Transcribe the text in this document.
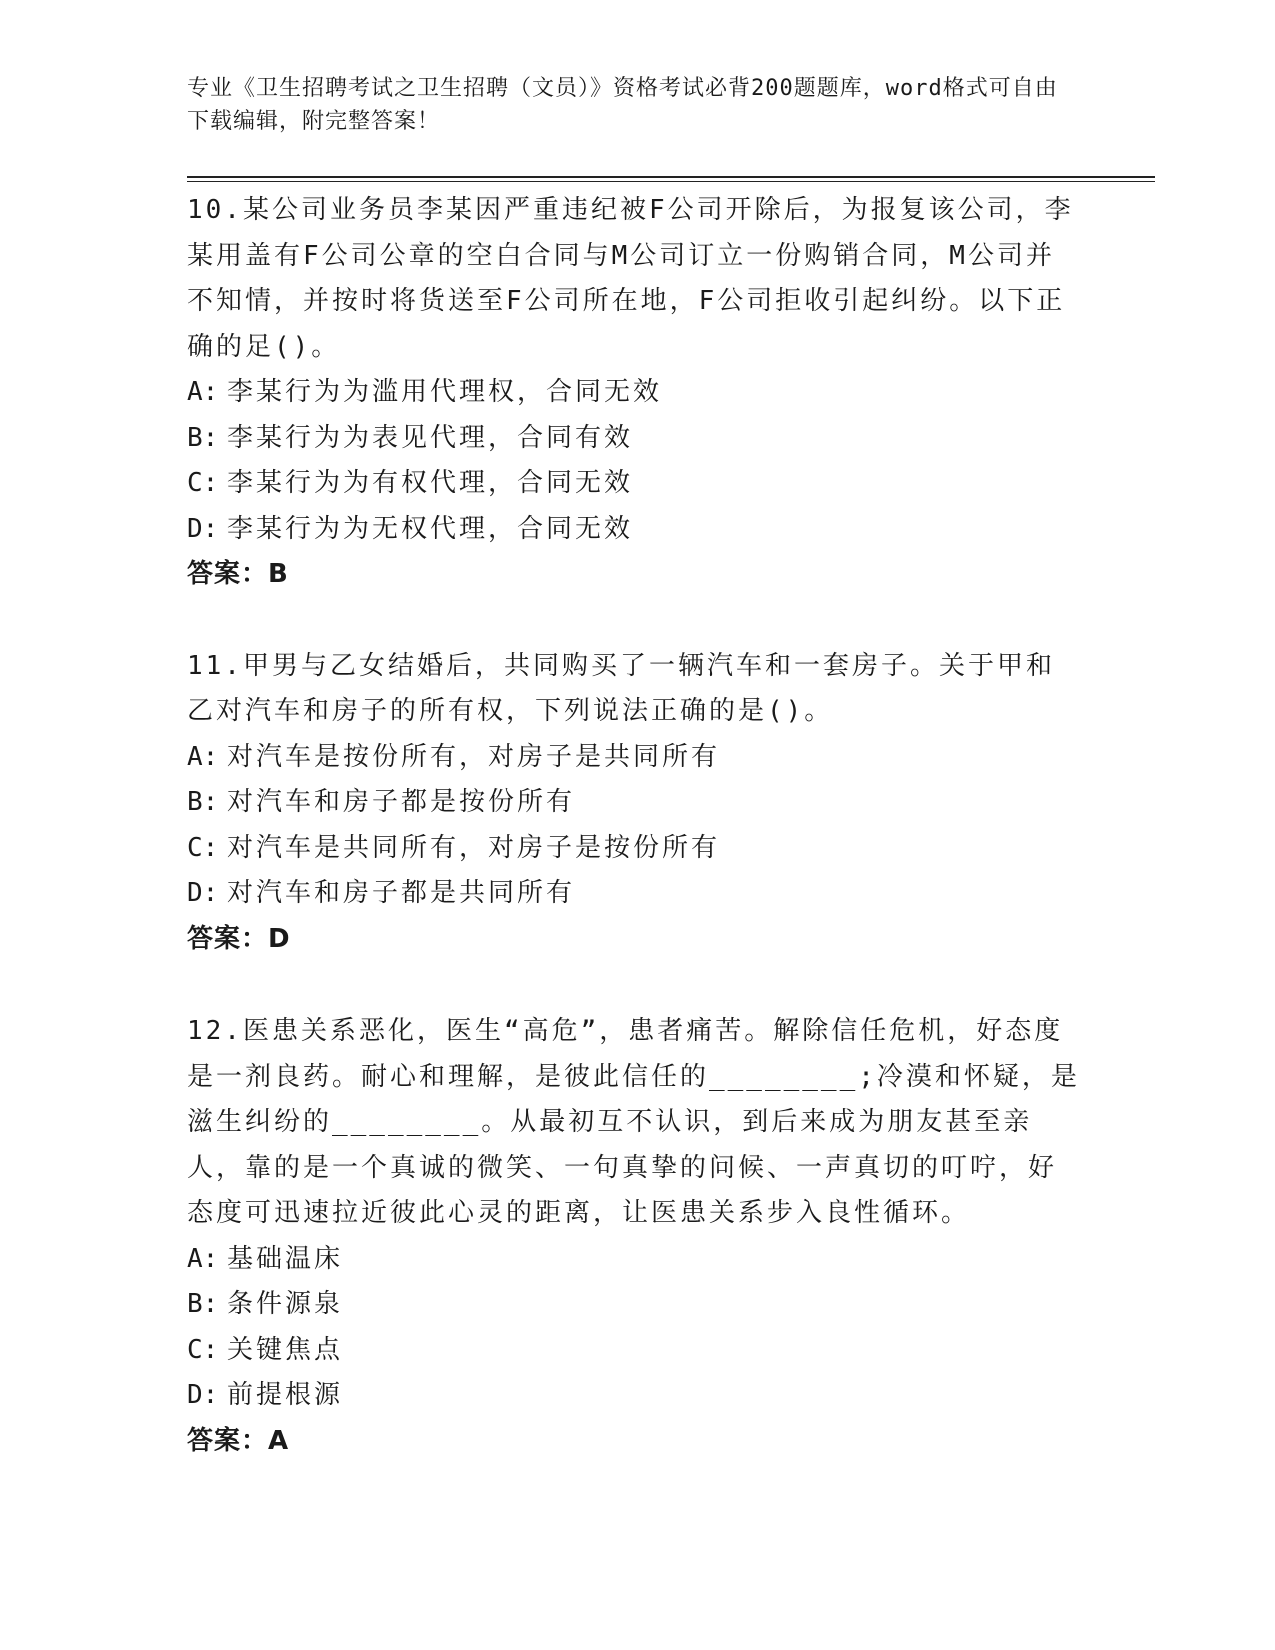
专业《卫生招聘考试之卫生招聘（文员）》资格考试必背200题题库，word格式可自由下载编辑，附完整答案！
10.某公司业务员李某因严重违纪被F公司开除后，为报复该公司，李某用盖有F公司公章的空白合同与M公司订立一份购销合同，M公司并不知情，并按时将货送至F公司所在地，F公司拒收引起纠纷。以下正确的足()。
A: 李某行为为滥用代理权，合同无效
B: 李某行为为表见代理，合同有效
C: 李某行为为有权代理，合同无效
D: 李某行为为无权代理，合同无效
答案：B
11.甲男与乙女结婚后，共同购买了一辆汽车和一套房子。关于甲和乙对汽车和房子的所有权，下列说法正确的是()。
A: 对汽车是按份所有，对房子是共同所有
B: 对汽车和房子都是按份所有
C: 对汽车是共同所有，对房子是按份所有
D: 对汽车和房子都是共同所有
答案：D
12.医患关系恶化，医生“高危”，患者痛苦。解除信任危机，好态度是一剂良药。耐心和理解，是彼此信任的________;冷漠和怀疑，是滋生纠纷的________。从最初互不认识，到后来成为朋友甚至亲人，靠的是一个真诚的微笑、一句真挚的问候、一声真切的叮咛，好态度可迅速拉近彼此心灵的距离，让医患关系步入良性循环。
A: 基础温床
B: 条件源泉
C: 关键焦点
D: 前提根源
答案：A
